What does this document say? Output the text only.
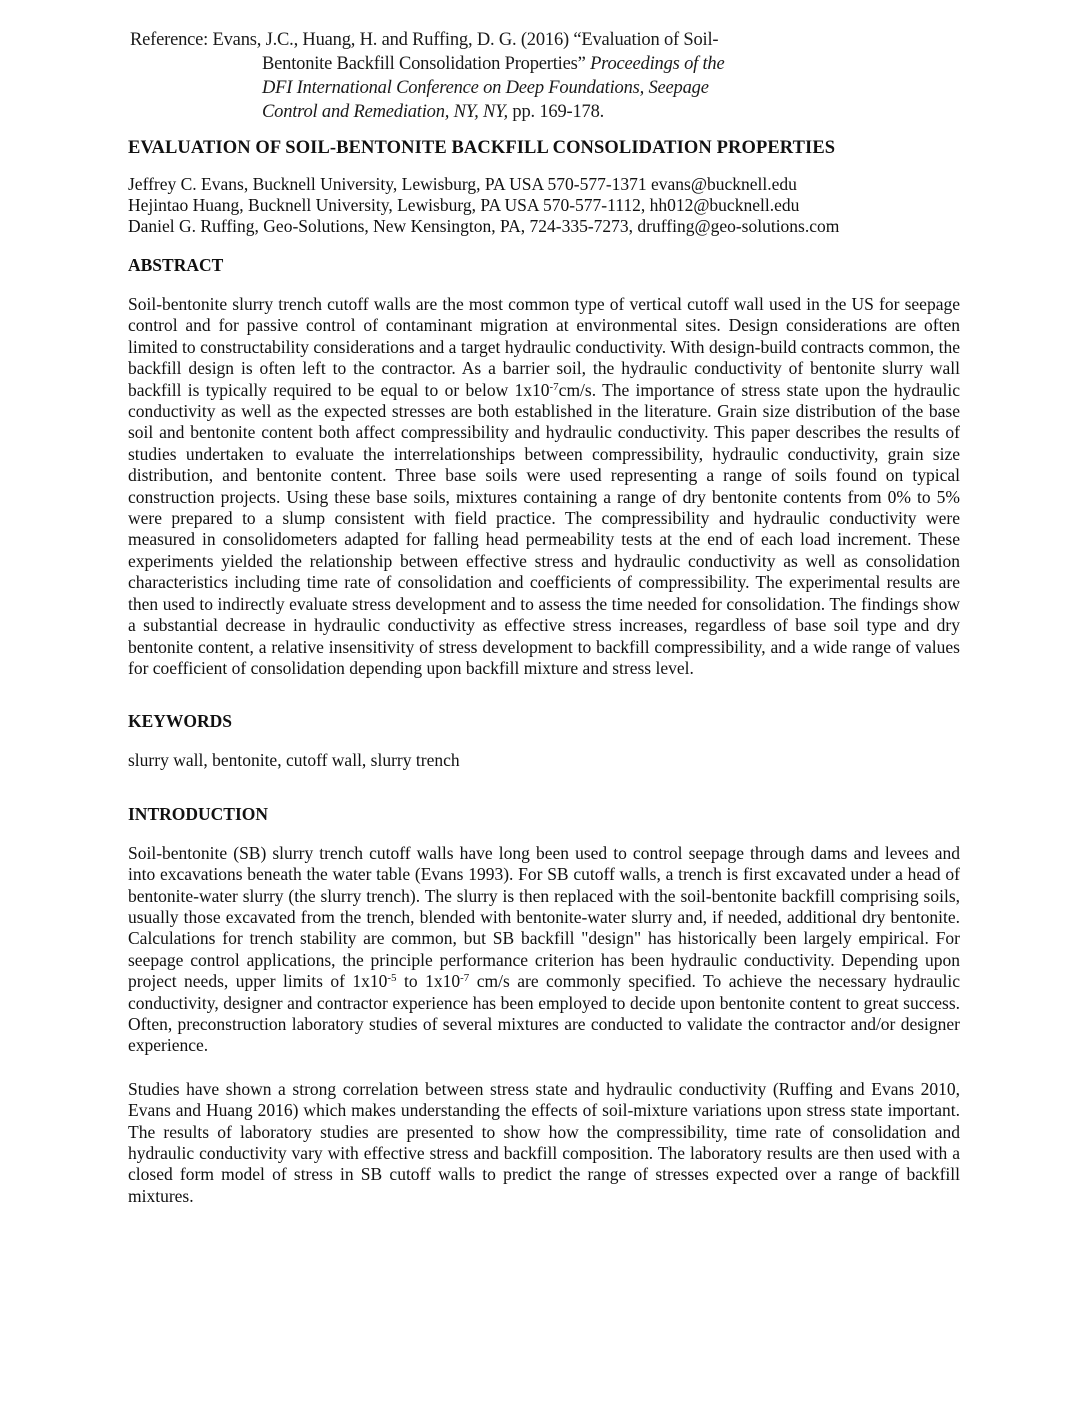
Reference: Evans, J.C., Huang, H. and Ruffing, D. G. (2016) “Evaluation of Soil-
Bentonite Backfill Consolidation Properties” Proceedings of the
DFI International Conference on Deep Foundations, Seepage
Control and Remediation, NY, NY, pp. 169-178.
EVALUATION OF SOIL-BENTONITE BACKFILL CONSOLIDATION PROPERTIES
Jeffrey C. Evans, Bucknell University, Lewisburg, PA USA 570-577-1371 evans@bucknell.edu
Hejintao Huang, Bucknell University, Lewisburg, PA USA 570-577-1112, hh012@bucknell.edu
Daniel G. Ruffing, Geo-Solutions, New Kensington, PA, 724-335-7273, druffing@geo-solutions.com
ABSTRACT
Soil-bentonite slurry trench cutoff walls are the most common type of vertical cutoff wall used in the US for seepage control and for passive control of contaminant migration at environmental sites. Design considerations are often limited to constructability considerations and a target hydraulic conductivity. With design-build contracts common, the backfill design is often left to the contractor. As a barrier soil, the hydraulic conductivity of bentonite slurry wall backfill is typically required to be equal to or below $1x10^{-7}cm/s$. The importance of stress state upon the hydraulic conductivity as well as the expected stresses are both established in the literature. Grain size distribution of the base soil and bentonite content both affect compressibility and hydraulic conductivity. This paper describes the results of studies undertaken to evaluate the interrelationships between compressibility, hydraulic conductivity, grain size distribution, and bentonite content. Three base soils were used representing a range of soils found on typical construction projects. Using these base soils, mixtures containing a range of dry bentonite contents from 0% to 5% were prepared to a slump consistent with field practice. The compressibility and hydraulic conductivity were measured in consolidometers adapted for falling head permeability tests at the end of each load increment. These experiments yielded the relationship between effective stress and hydraulic conductivity as well as consolidation characteristics including time rate of consolidation and coefficients of compressibility. The experimental results are then used to indirectly evaluate stress development and to assess the time needed for consolidation. The findings show a substantial decrease in hydraulic conductivity as effective stress increases, regardless of base soil type and dry bentonite content, a relative insensitivity of stress development to backfill compressibility, and a wide range of values for coefficient of consolidation depending upon backfill mixture and stress level.
KEYWORDS
slurry wall, bentonite, cutoff wall, slurry trench
INTRODUCTION
Soil-bentonite (SB) slurry trench cutoff walls have long been used to control seepage through dams and levees and into excavations beneath the water table (Evans 1993). For SB cutoff walls, a trench is first excavated under a head of bentonite-water slurry (the slurry trench). The slurry is then replaced with the soil-bentonite backfill comprising soils, usually those excavated from the trench, blended with bentonite-water slurry and, if needed, additional dry bentonite. Calculations for trench stability are common, but SB backfill "design" has historically been largely empirical. For seepage control applications, the principle performance criterion has been hydraulic conductivity. Depending upon project needs, upper limits of $1x10^{-5}$ to $1x10^{-7}$ cm/s are commonly specified. To achieve the necessary hydraulic conductivity, designer and contractor experience has been employed to decide upon bentonite content to great success. Often, preconstruction laboratory studies of several mixtures are conducted to validate the contractor and/or designer experience.
Studies have shown a strong correlation between stress state and hydraulic conductivity (Ruffing and Evans 2010, Evans and Huang 2016) which makes understanding the effects of soil-mixture variations upon stress state important. The results of laboratory studies are presented to show how the compressibility, time rate of consolidation and hydraulic conductivity vary with effective stress and backfill composition. The laboratory results are then used with a closed form model of stress in SB cutoff walls to predict the range of stresses expected over a range of backfill mixtures.
